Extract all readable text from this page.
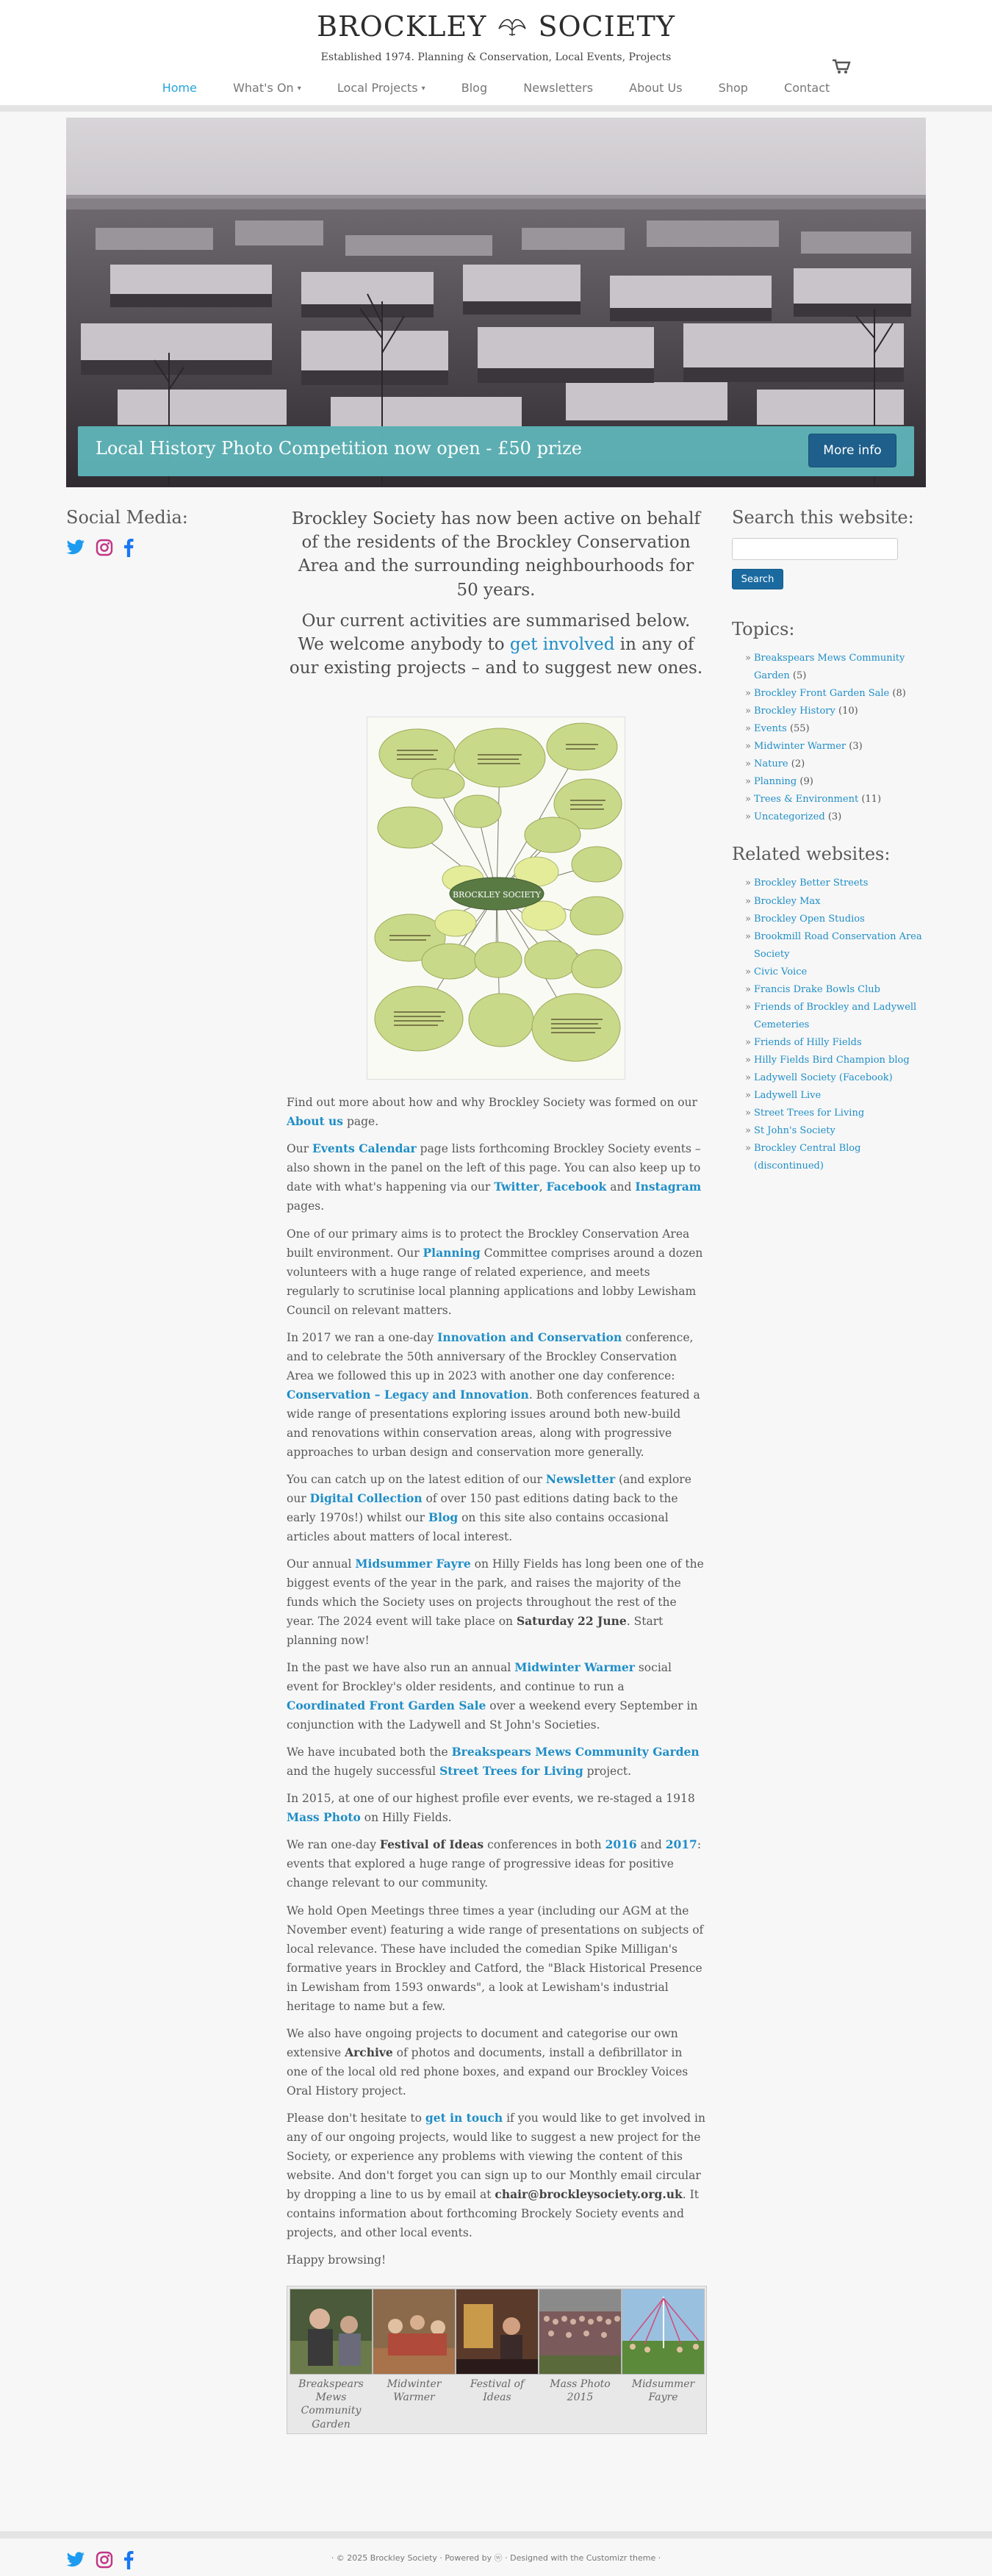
BROCKLEY SOCIETY
Established 1974. Planning & Conservation, Local Events, Projects
Home	What's On ▾	Local Projects ▾	Blog	Newsletters	About Us	Shop	Contact
Local History Photo Competition now open - £50 prize	More info
Social Media:	Brockley Society has now been active on behalf of the residents of the Brockley Conservation Area and the surrounding neighbourhoods for 50 years.
Our current activities are summarised below. We welcome anybody to get involved in any of our existing projects – and to suggest new ones.
BROCKLEY SOCIETY

Find out more about how and why Brockley Society was formed on our About us page.

Our Events Calendar page lists forthcoming Brockley Society events – also shown in the panel on the left of this page. You can also keep up to date with what's happening via our Twitter, Facebook and Instagram pages.

One of our primary aims is to protect the Brockley Conservation Area built environment. Our Planning Committee comprises around a dozen volunteers with a huge range of related experience, and meets regularly to scrutinise local planning applications and lobby Lewisham Council on relevant matters.

In 2017 we ran a one-day Innovation and Conservation conference, and to celebrate the 50th anniversary of the Brockley Conservation Area we followed this up in 2023 with another one day conference: Conservation – Legacy and Innovation. Both conferences featured a wide range of presentations exploring issues around both new-build and renovations within conservation areas, along with progressive approaches to urban design and conservation more generally.

You can catch up on the latest edition of our Newsletter (and explore our Digital Collection of over 150 past editions dating back to the early 1970s!) whilst our Blog on this site also contains occasional articles about matters of local interest.

Our annual Midsummer Fayre on Hilly Fields has long been one of the biggest events of the year in the park, and raises the majority of the funds which the Society uses on projects throughout the rest of the year. The 2024 event will take place on Saturday 22 June. Start planning now!

In the past we have also run an annual Midwinter Warmer social event for Brockley's older residents, and continue to run a Coordinated Front Garden Sale over a weekend every September in conjunction with the Ladywell and St John's Societies.

We have incubated both the Breakspears Mews Community Garden and the hugely successful Street Trees for Living project.

In 2015, at one of our highest profile ever events, we re-staged a 1918 Mass Photo on Hilly Fields.

We ran one-day Festival of Ideas conferences in both 2016 and 2017: events that explored a huge range of progressive ideas for positive change relevant to our community.

We hold Open Meetings three times a year (including our AGM at the November event) featuring a wide range of presentations on subjects of local relevance. These have included the comedian Spike Milligan's formative years in Brockley and Catford, the "Black Historical Presence in Lewisham from 1593 onwards", a look at Lewisham's industrial heritage to name but a few.

We also have ongoing projects to document and categorise our own extensive Archive of photos and documents, install a defibrillator in one of the local old red phone boxes, and expand our Brockley Voices Oral History project.

Please don't hesitate to get in touch if you would like to get involved in any of our ongoing projects, would like to suggest a new project for the Society, or experience any problems with viewing the content of this website. And don't forget you can sign up to our Monthly email circular by dropping a line to us by email at chair@brockleysociety.org.uk. It contains information about forthcoming Brockely Society events and projects, and other local events.

Happy browsing!

Breakspears Mews Community Garden
Midwinter Warmer
Festival of Ideas
Mass Photo 2015
Midsummer Fayre
Search this website:
Search
Topics:
» Breakspears Mews Community Garden (5)
» Brockley Front Garden Sale (8)
» Brockley History (10)
» Events (55)
» Midwinter Warmer (3)
» Nature (2)
» Planning (9)
» Trees & Environment (11)
» Uncategorized (3)
Related websites:
» Brockley Better Streets
» Brockley Max
» Brockley Open Studios
» Brookmill Road Conservation Area Society
» Civic Voice
» Francis Drake Bowls Club
» Friends of Brockley and Ladywell Cemeteries
» Friends of Hilly Fields
» Hilly Fields Bird Champion blog
» Ladywell Society (Facebook)
» Ladywell Live
» Street Trees for Living
» St John's Society
» Brockley Central Blog (discontinued)
· © 2025 Brockley Society · Powered by ⓦ · Designed with the Customizr theme ·
